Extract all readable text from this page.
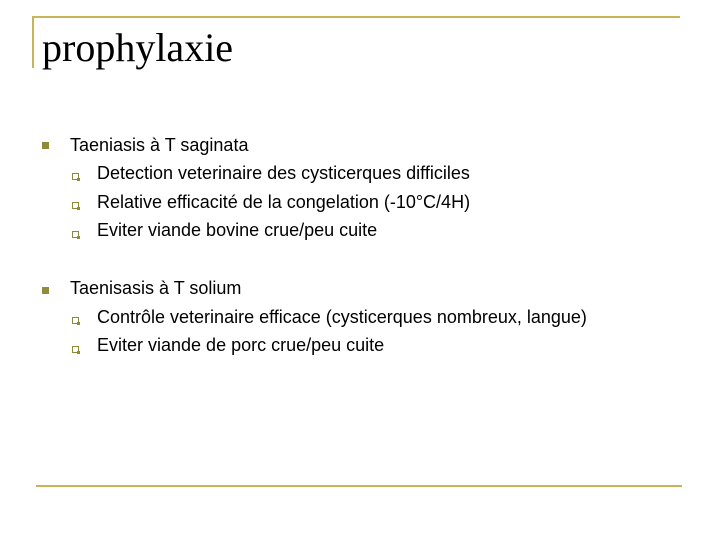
prophylaxie
Taeniasis à T saginata
Detection veterinaire des cysticerques difficiles
Relative efficacité de la congelation (-10°C/4H)
Eviter viande bovine crue/peu cuite
Taenisasis à T solium
Contrôle veterinaire efficace (cysticerques nombreux, langue)
Eviter viande de porc crue/peu cuite
